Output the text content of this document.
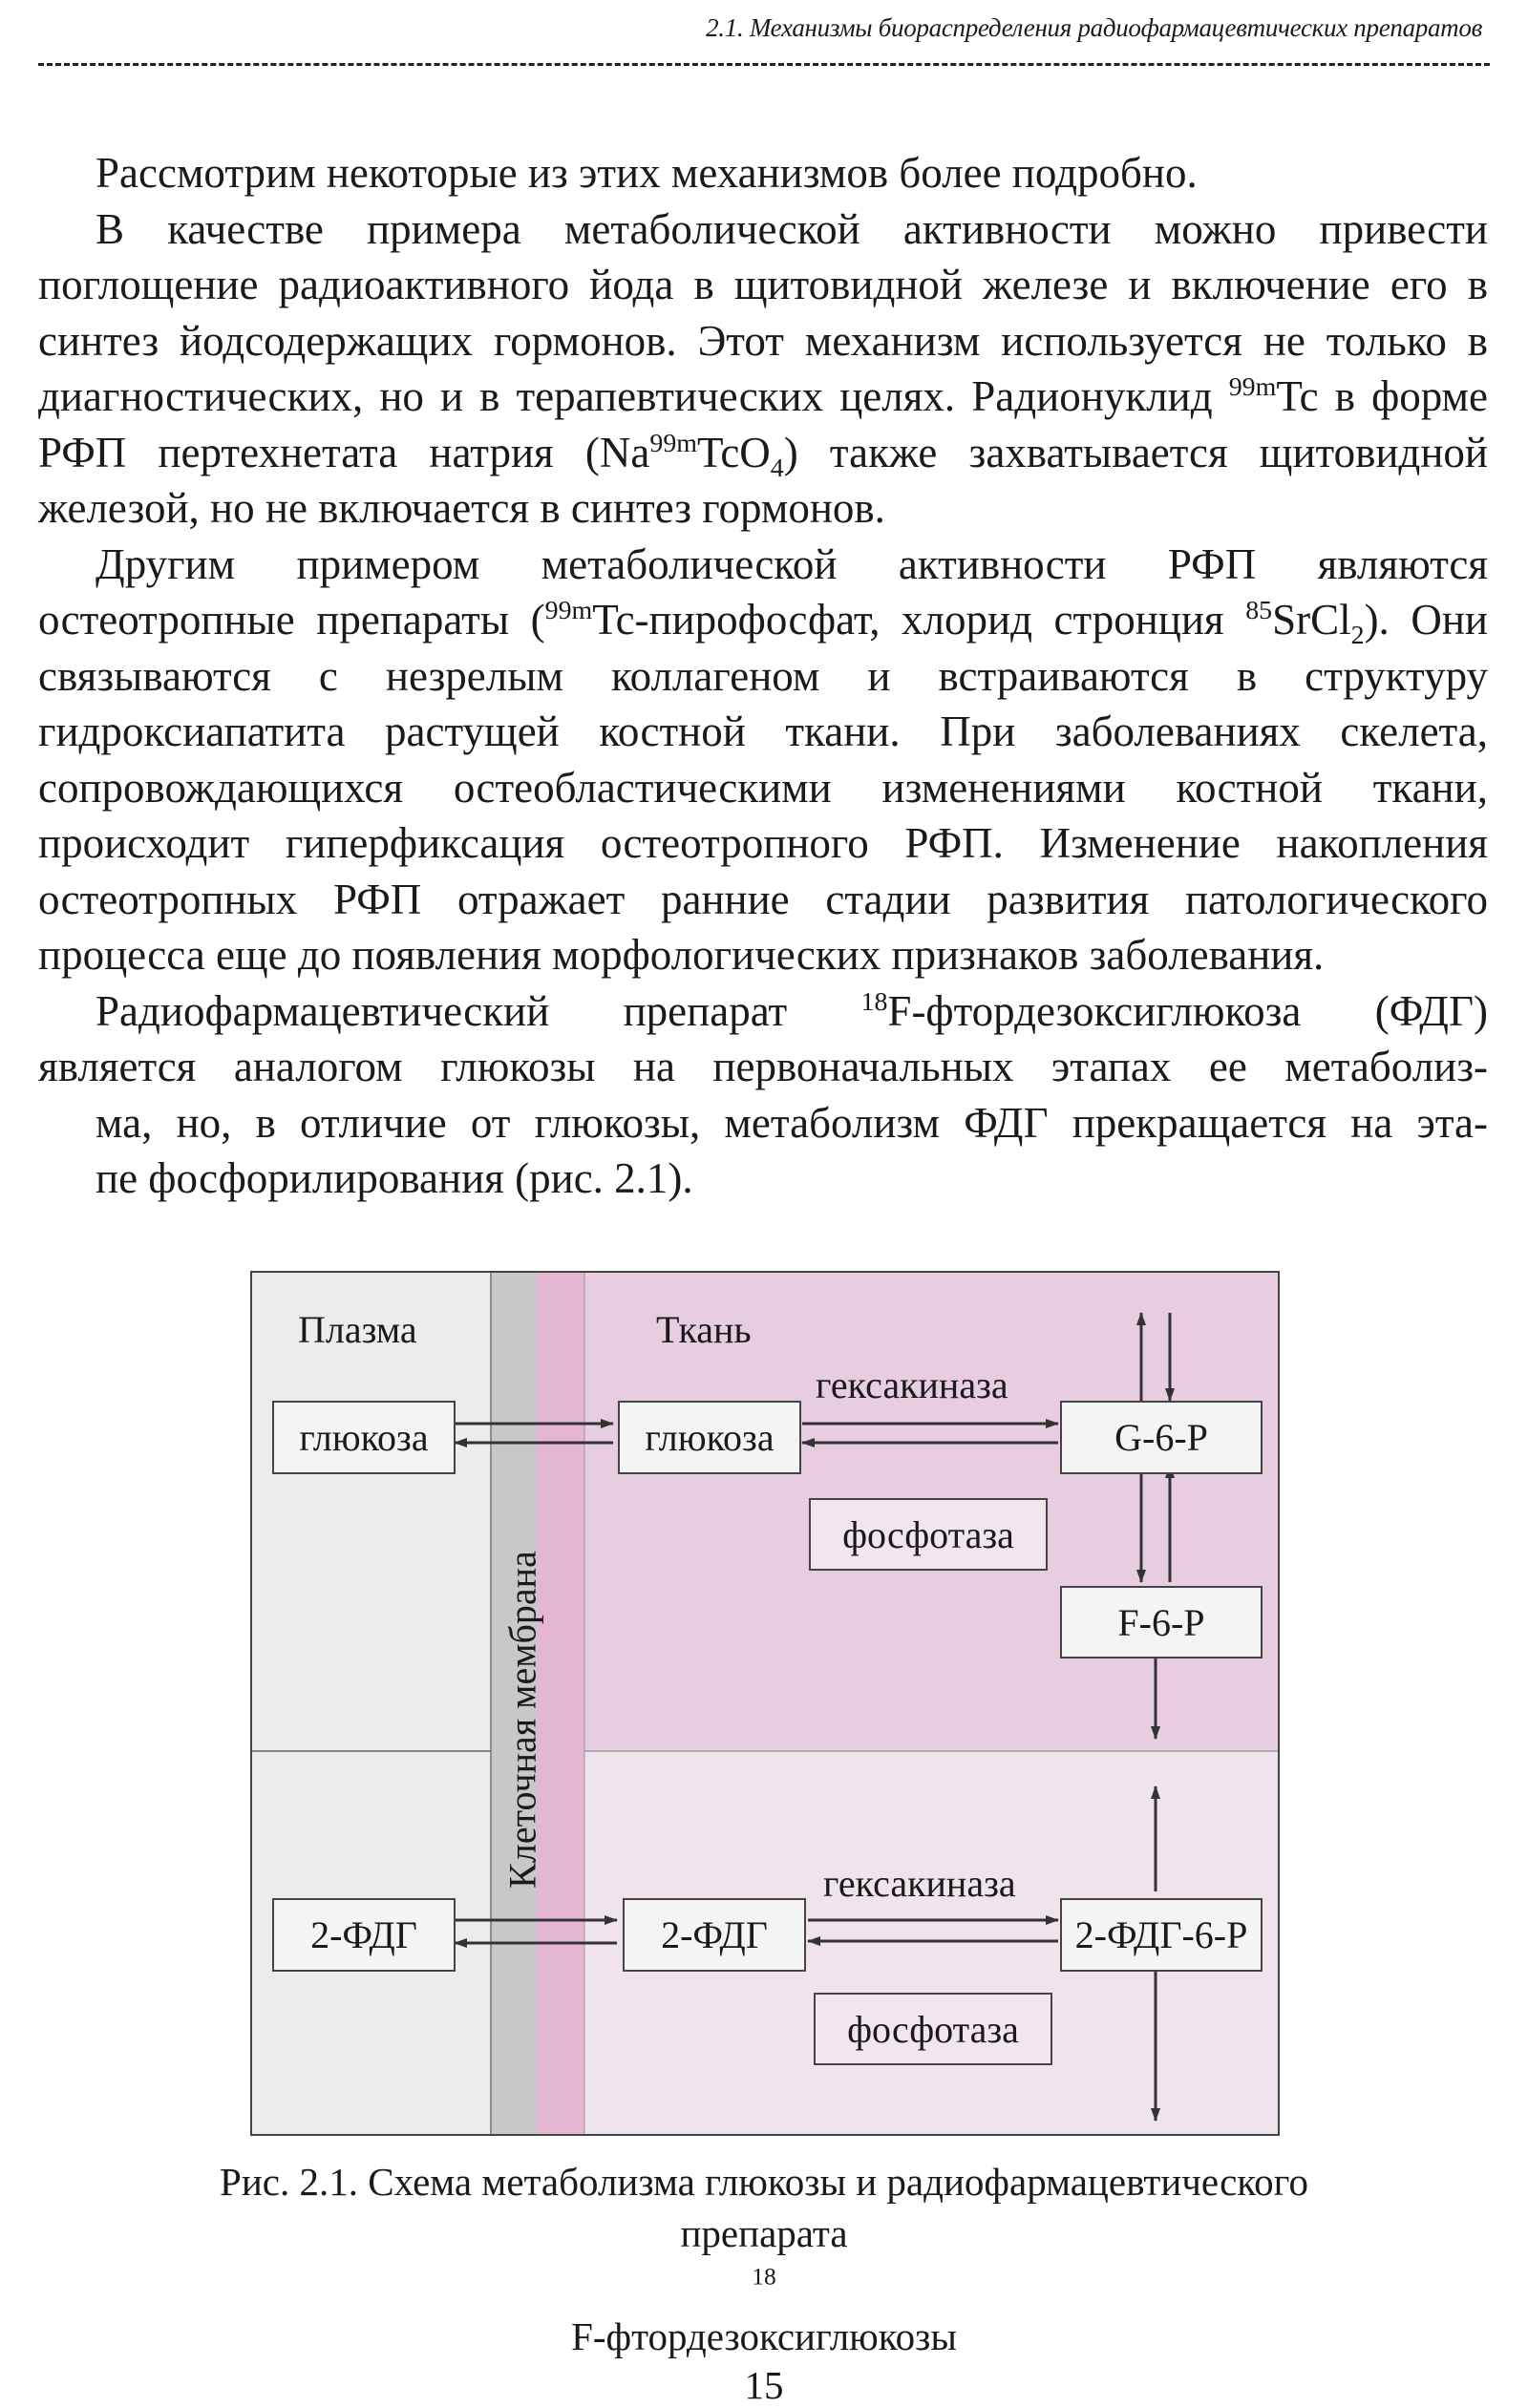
2.1. Механизмы биораспределения радиофармацевтических препаратов

Рассмотрим некоторые из этих механизмов более подробно.

В качестве примера метаболической активности можно привести поглощение радиоактивного йода в щитовидной железе и включение его в синтез йодсодержащих гормонов. Этот механизм используется не только в диагностических, но и в терапевтических целях. Радионуклид $^{99m}$Tc в форме РФП пертехнетата натрия $(Na^{99m}TcO_4)$ также захватывается щитовидной железой, но не включается в синтез гормонов.

Другим примером метаболической активности РФП являются остеотропные препараты ($^{99m}$Tc-пирофосфат, хлорид стронция $^{85}$SrCl$_2$). Они связываются с незрелым коллагеном и встраиваются в структуру гидроксиапатита растущей костной ткани. При заболеваниях скелета, сопровождающихся остеобластическими изменениями костной ткани, происходит гиперфиксация остеотропного РФП. Изменение накопления остеотропных РФП отражает ранние стадии развития патологического процесса еще до появления морфологических признаков заболевания.

Радиофармацевтический препарат $^{18}$F-фтордезоксиглюкоза (ФДГ)
является аналогом глюкозы на первоначальных этапах ее метаболиз-
ма, но, в отличие от глюкозы, метаболизм ФДГ прекращается на эта-
пе фосфорилирования (рис. 2.1).

Плазма	Ткань
Клеточная мембрана
глюкоза	глюкоза
гексакиназа
фосфотаза
G-6-P
F-6-P
2-ФДГ	2-ФДГ
гексакиназа
фосфотаза
2-ФДГ-6-Р
Рис. 2.1. Схема метаболизма глюкозы и радиофармацевтического
препарата
$^{18}$
F-фтордезоксиглюкозы
15
